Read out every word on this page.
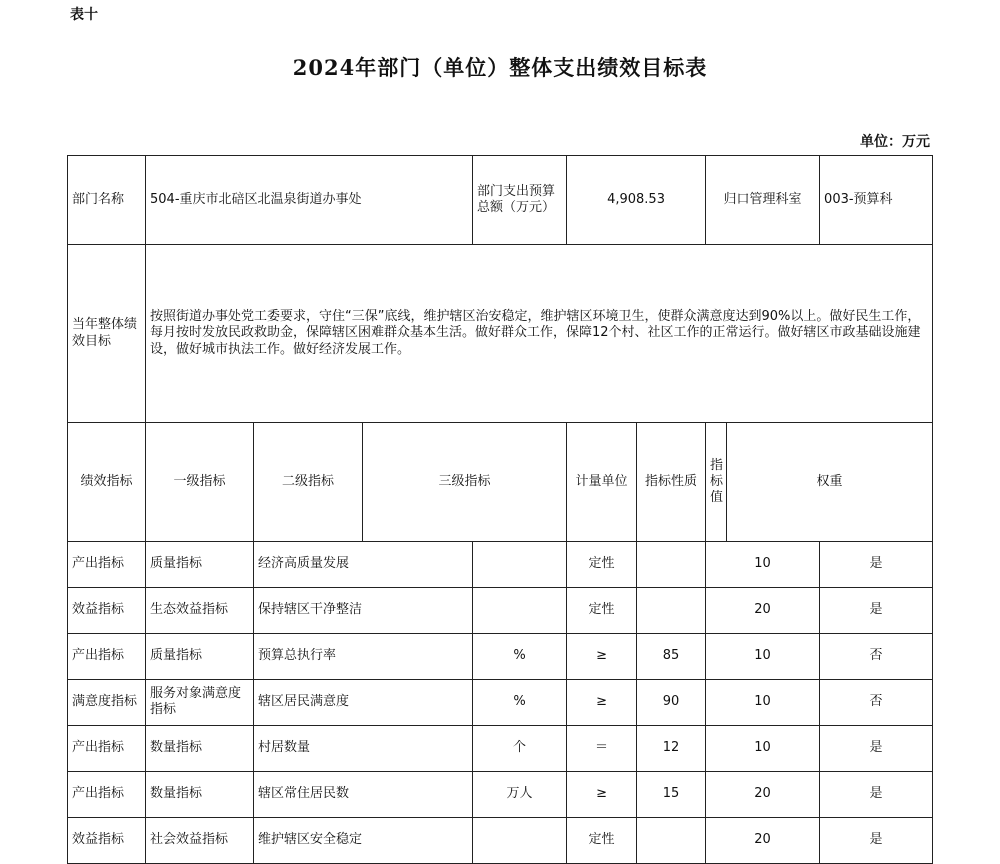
表十
2024年部门（单位）整体支出绩效目标表
单位：万元
部门名称	504-重庆市北碚区北温泉街道办事处			部门支出预算总额（万元）	4,908.53		归口管理科室		003-预算科	
当年整体绩效目标	按照街道办事处党工委要求，守住“三保”底线，维护辖区治安稳定，维护辖区环境卫生，使群众满意度达到90%以上。做好民生工作，每月按时发放民政救助金，保障辖区困难群众基本生活。做好群众工作，保障12个村、社区工作的正常运行。做好辖区市政基础设施建设，做好城市执法工作。做好经济发展工作。									
绩效指标	一级指标	二级指标	三级指标		计量单位	指标性质	指标值	权重	
产出指标	质量指标	经济高质量发展			定性		10		是	
效益指标	生态效益指标	保持辖区干净整洁			定性		20		是	
产出指标	质量指标	预算总执行率		%	≥	85	10		否	
满意度指标	服务对象满意度指标	辖区居民满意度		%	≥	90	10		否	
产出指标	数量指标	村居数量		个	＝	12	10		是	
产出指标	数量指标	辖区常住居民数		万人	≥	15	20		是	
效益指标	社会效益指标	维护辖区安全稳定			定性		20		是	
